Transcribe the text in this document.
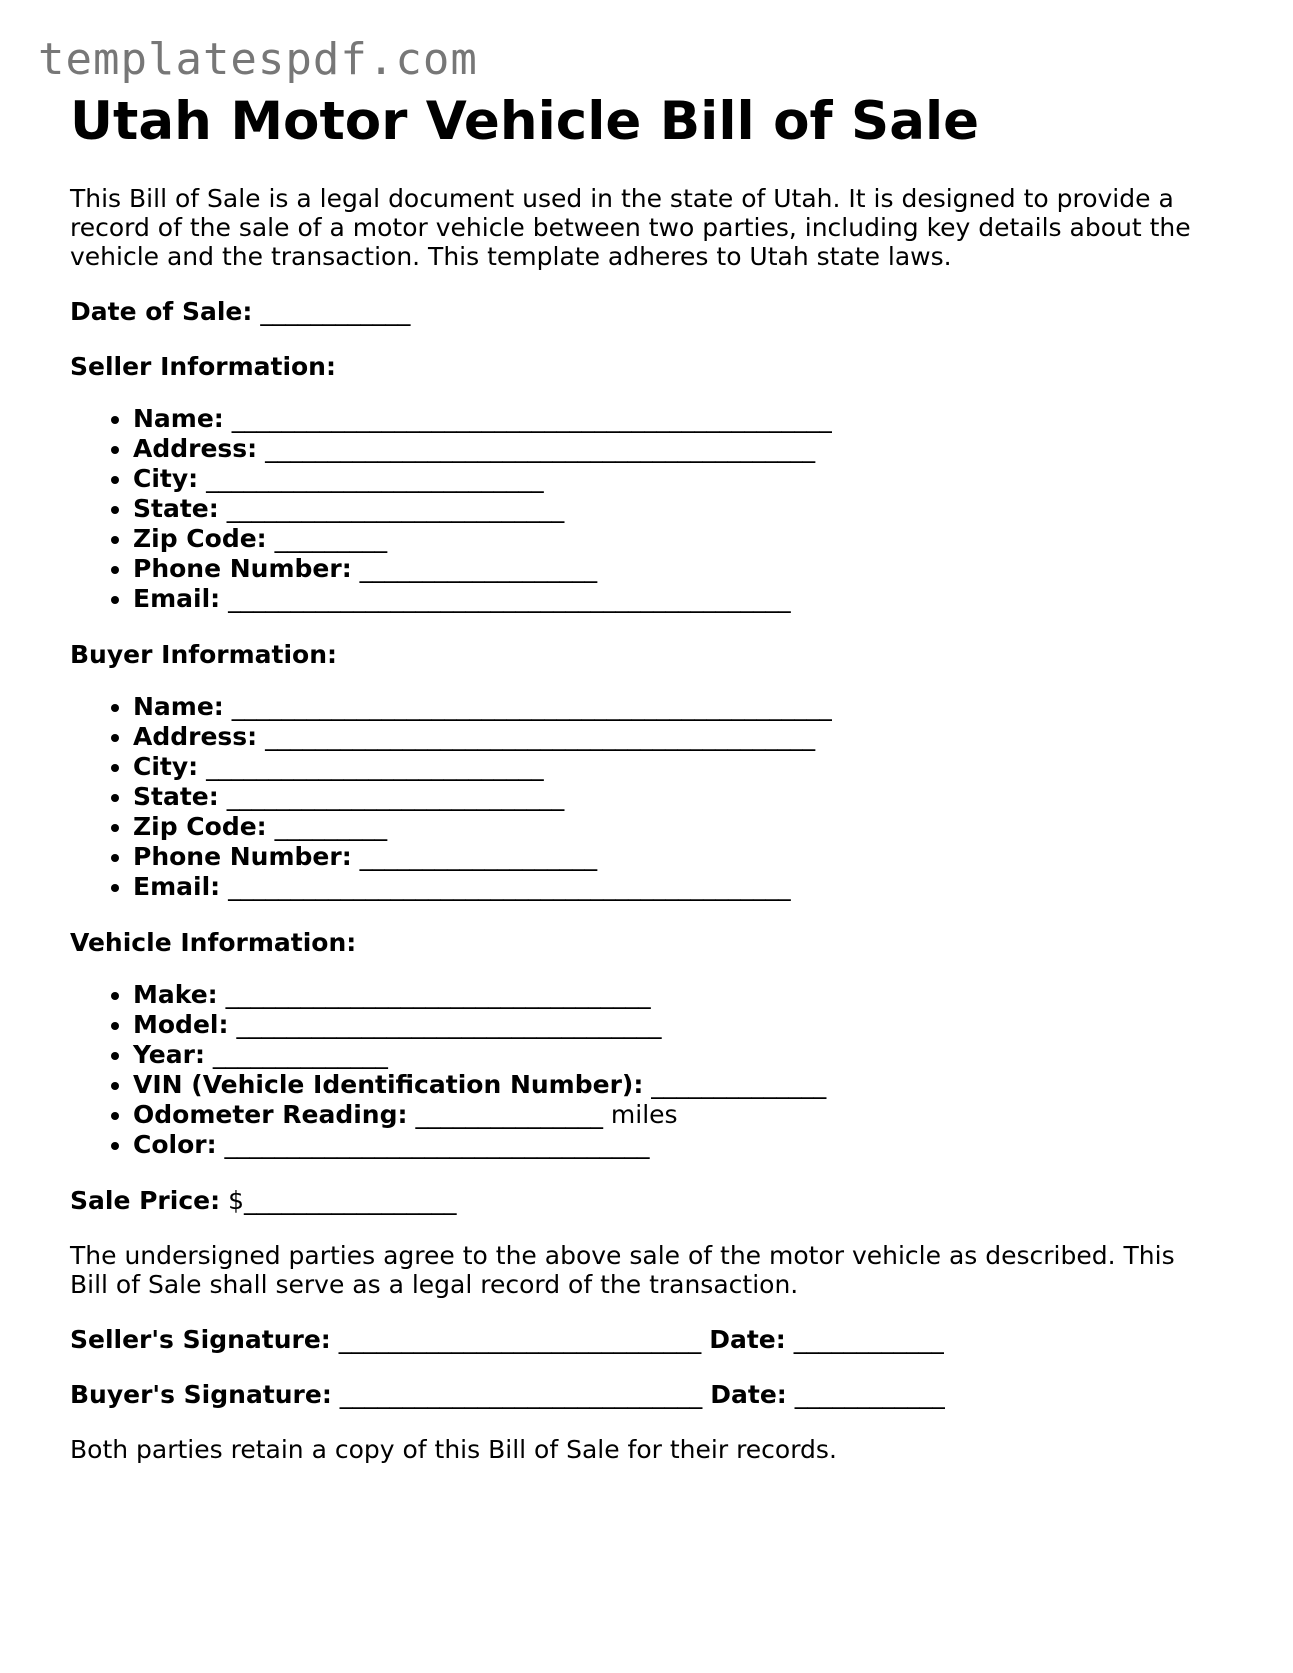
templatespdf.com
Utah Motor Vehicle Bill of Sale

This Bill of Sale is a legal document used in the state of Utah. It is designed to provide a record of the sale of a motor vehicle between two parties, including key details about the vehicle and the transaction. This template adheres to Utah state laws.

Date of Sale: ____________

Seller Information:

• Name: ________________________________________________
• Address: ____________________________________________
• City: ___________________________
• State: ___________________________
• Zip Code: _________
• Phone Number: ___________________
• Email: _____________________________________________

Buyer Information:

• Name: ________________________________________________
• Address: ____________________________________________
• City: ___________________________
• State: ___________________________
• Zip Code: _________
• Phone Number: ___________________
• Email: _____________________________________________

Vehicle Information:

• Make: __________________________________
• Model: __________________________________
• Year: ______________
• VIN (Vehicle Identification Number): ______________
• Odometer Reading: _______________ miles
• Color: __________________________________

Sale Price: $_________________

The undersigned parties agree to the above sale of the motor vehicle as described. This Bill of Sale shall serve as a legal record of the transaction.

Seller's Signature: _____________________________ Date: ____________

Buyer's Signature: _____________________________ Date: ____________

Both parties retain a copy of this Bill of Sale for their records.
